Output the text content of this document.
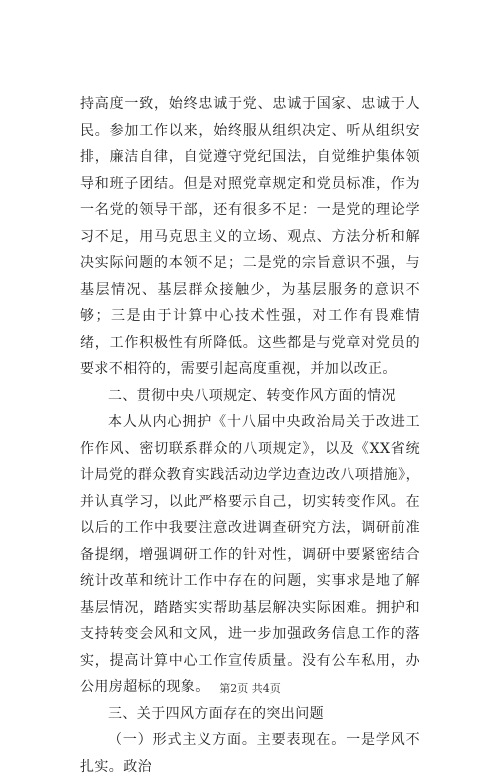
持高度一致，始终忠诚于党、忠诚于国家、忠诚于人民。参加工作以来，始终服从组织决定、听从组织安排，廉洁自律，自觉遵守党纪国法，自觉维护集体领导和班子团结。但是对照党章规定和党员标准，作为一名党的领导干部，还有很多不足：一是党的理论学习不足，用马克思主义的立场、观点、方法分析和解决实际问题的本领不足；二是党的宗旨意识不强，与基层情况、基层群众接触少，为基层服务的意识不够；三是由于计算中心技术性强，对工作有畏难情绪，工作积极性有所降低。这些都是与党章对党员的要求不相符的，需要引起高度重视，并加以改正。

二、贯彻中央八项规定、转变作风方面的情况

本人从内心拥护《十八届中央政治局关于改进工作作风、密切联系群众的八项规定》，以及《XX省统计局党的群众教育实践活动边学边查边改八项措施》，并认真学习，以此严格要示自己，切实转变作风。在以后的工作中我要注意改进调查研究方法，调研前准备提纲，增强调研工作的针对性，调研中要紧密结合统计改革和统计工作中存在的问题，实事求是地了解基层情况，踏踏实实帮助基层解决实际困难。拥护和支持转变会风和文风，进一步加强政务信息工作的落实，提高计算中心工作宣传质量。没有公车私用，办公用房超标的现象。

三、关于四风方面存在的突出问题

（一）形式主义方面。主要表现在。一是学风不扎实。政治

第2页 共4页
